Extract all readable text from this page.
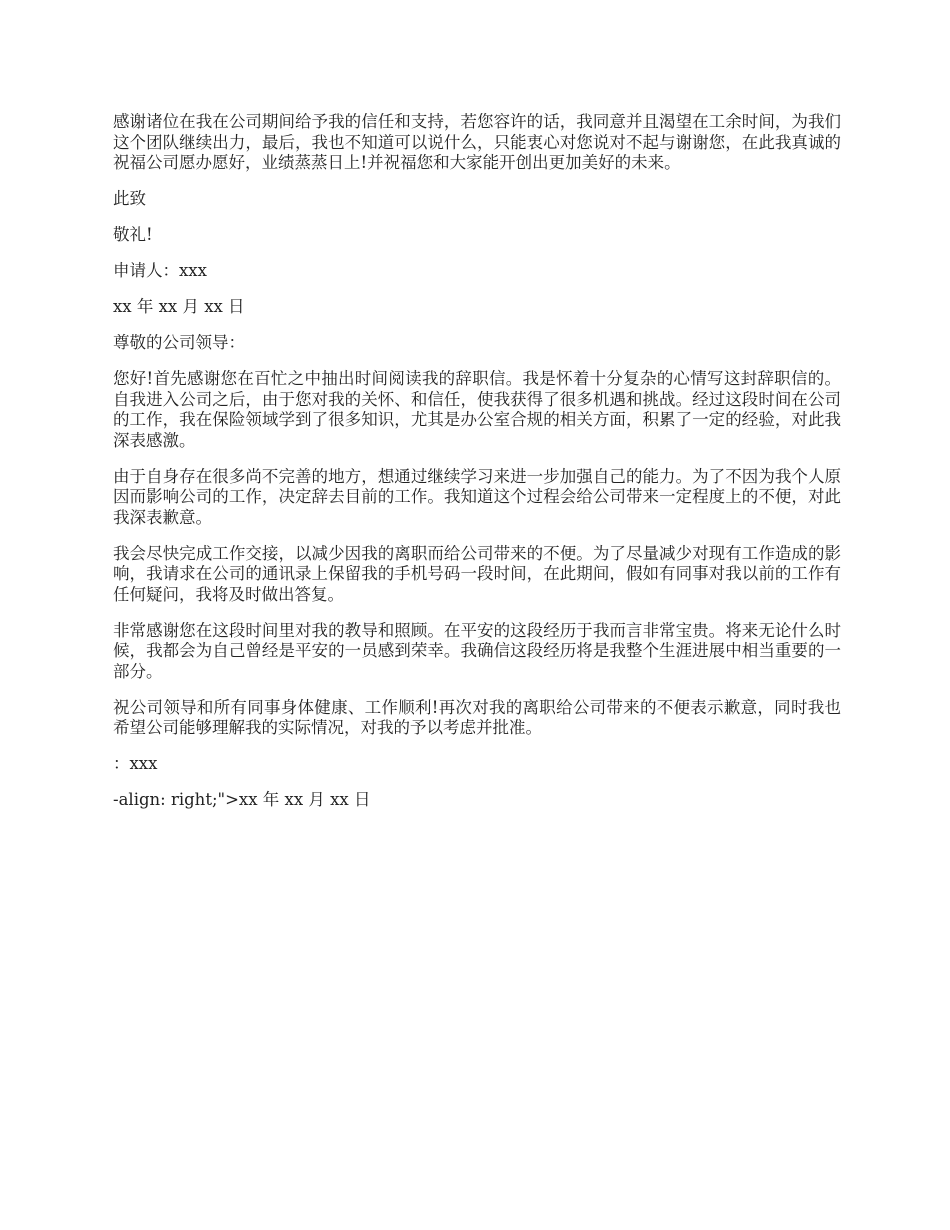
感谢诸位在我在公司期间给予我的信任和支持，若您容许的话，我同意并且渴望在工余时间，为我们这个团队继续出力，最后，我也不知道可以说什么，只能衷心对您说对不起与谢谢您，在此我真诚的祝福公司愿办愿好，业绩蒸蒸日上!并祝福您和大家能开创出更加美好的未来。

此致

敬礼!

申请人：xxx

xx 年 xx 月 xx 日

尊敬的公司领导：

您好!首先感谢您在百忙之中抽出时间阅读我的辞职信。我是怀着十分复杂的心情写这封辞职信的。自我进入公司之后，由于您对我的关怀、和信任，使我获得了很多机遇和挑战。经过这段时间在公司的工作，我在保险领域学到了很多知识，尤其是办公室合规的相关方面，积累了一定的经验，对此我深表感激。

由于自身存在很多尚不完善的地方，想通过继续学习来进一步加强自己的能力。为了不因为我个人原因而影响公司的工作，决定辞去目前的工作。我知道这个过程会给公司带来一定程度上的不便，对此我深表歉意。

我会尽快完成工作交接，以减少因我的离职而给公司带来的不便。为了尽量减少对现有工作造成的影响，我请求在公司的通讯录上保留我的手机号码一段时间，在此期间，假如有同事对我以前的工作有任何疑问，我将及时做出答复。

非常感谢您在这段时间里对我的教导和照顾。在平安的这段经历于我而言非常宝贵。将来无论什么时候，我都会为自己曾经是平安的一员感到荣幸。我确信这段经历将是我整个生涯进展中相当重要的一部分。

祝公司领导和所有同事身体健康、工作顺利!再次对我的离职给公司带来的不便表示歉意，同时我也希望公司能够理解我的实际情况，对我的予以考虑并批准。

：xxx

-align: right;">xx 年 xx 月 xx 日
